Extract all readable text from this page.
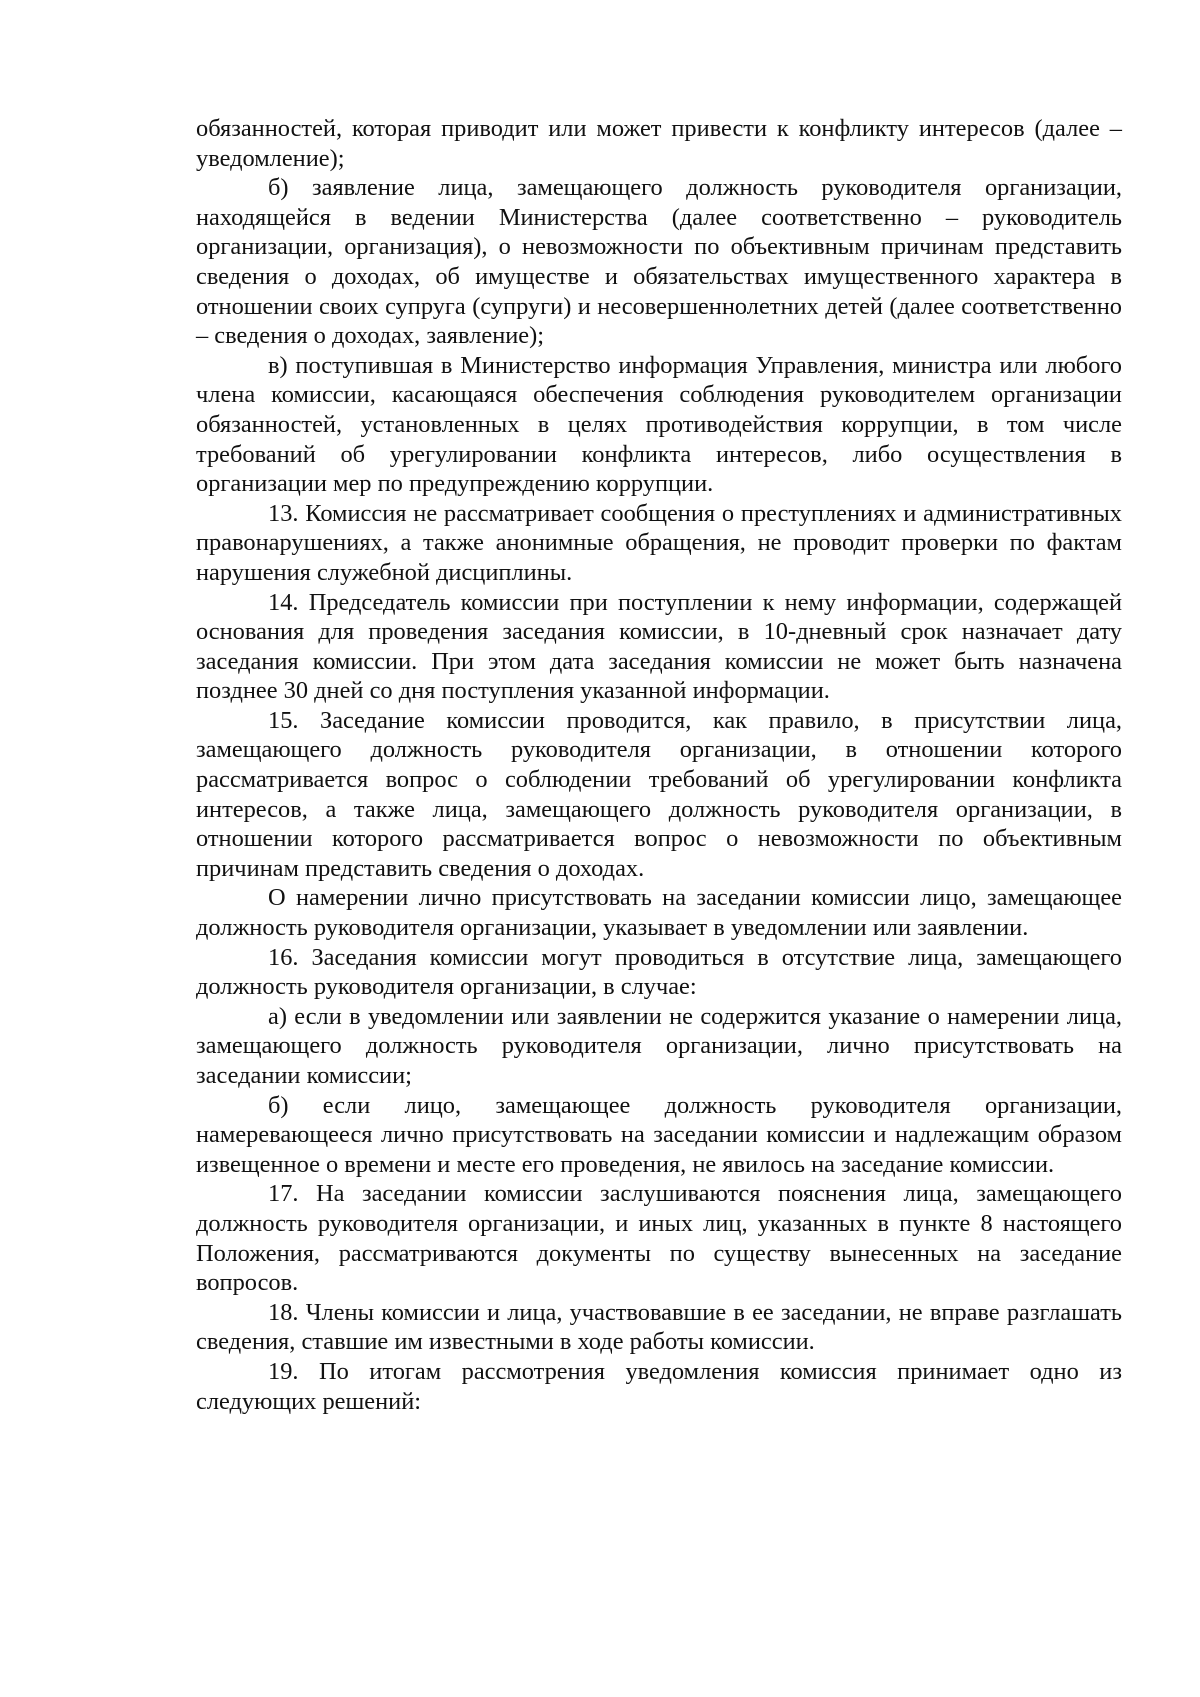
обязанностей, которая приводит или может привести к конфликту интересов (далее – уведомление);

б) заявление лица, замещающего должность руководителя организации, находящейся в ведении Министерства (далее соответственно – руководитель организации, организация), о невозможности по объективным причинам представить сведения о доходах, об имуществе и обязательствах имущественного характера в отношении своих супруга (супруги) и несовершеннолетних детей (далее соответственно – сведения о доходах, заявление);

в) поступившая в Министерство информация Управления, министра или любого члена комиссии, касающаяся обеспечения соблюдения руководителем организации обязанностей, установленных в целях противодействия коррупции, в том числе требований об урегулировании конфликта интересов, либо осуществления в организации мер по предупреждению коррупции.

13. Комиссия не рассматривает сообщения о преступлениях и административных правонарушениях, а также анонимные обращения, не проводит проверки по фактам нарушения служебной дисциплины.

14. Председатель комиссии при поступлении к нему информации, содержащей основания для проведения заседания комиссии, в 10-дневный срок назначает дату заседания комиссии. При этом дата заседания комиссии не может быть назначена позднее 30 дней со дня поступления указанной информации.

15. Заседание комиссии проводится, как правило, в присутствии лица, замещающего должность руководителя организации, в отношении которого рассматривается вопрос о соблюдении требований об урегулировании конфликта интересов, а также лица, замещающего должность руководителя организации, в отношении которого рассматривается вопрос о невозможности по объективным причинам представить сведения о доходах.

О намерении лично присутствовать на заседании комиссии лицо, замещающее должность руководителя организации, указывает в уведомлении или заявлении.

16. Заседания комиссии могут проводиться в отсутствие лица, замещающего должность руководителя организации, в случае:

а) если в уведомлении или заявлении не содержится указание о намерении лица, замещающего должность руководителя организации, лично присутствовать на заседании комиссии;

б) если лицо, замещающее должность руководителя организации, намеревающееся лично присутствовать на заседании комиссии и надлежащим образом извещенное о времени и месте его проведения, не явилось на заседание комиссии.

17. На заседании комиссии заслушиваются пояснения лица, замещающего должность руководителя организации, и иных лиц, указанных в пункте 8 настоящего Положения, рассматриваются документы по существу вынесенных на заседание вопросов.

18. Члены комиссии и лица, участвовавшие в ее заседании, не вправе разглашать сведения, ставшие им известными в ходе работы комиссии.

19. По итогам рассмотрения уведомления комиссия принимает одно из следующих решений:
